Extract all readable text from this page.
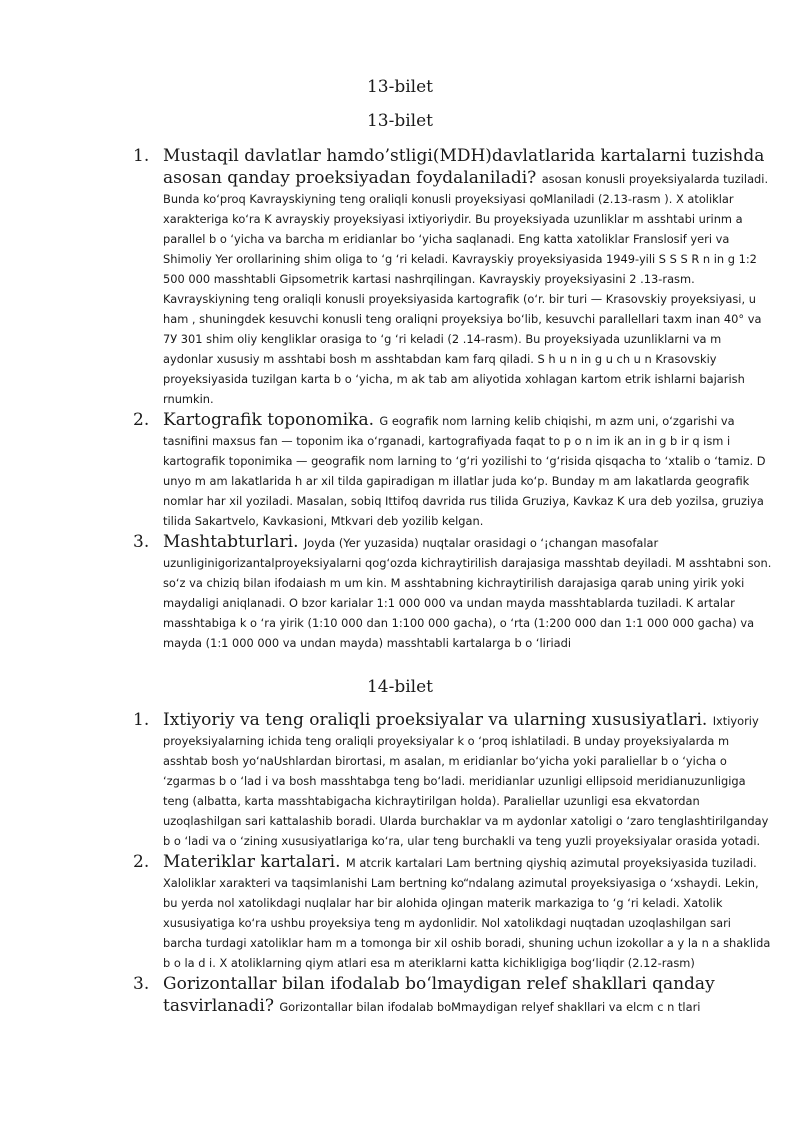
13-bilet
13-bilet
1. Mustaqil davlatlar hamdo’stligi(MDH)davlatlarida kartalarni tuzishda asosan qanday proeksiyadan foydalaniladi? asosan konusli proyeksiyalarda tuziladi. Bunda ko‘proq Kavrayskiyning teng oraliqli konusli proyeksiyasi qoMlaniladi (2.13-rasm ). X atoliklar xarakteriga ko‘ra K avrayskiy proyeksiyasi ixtiyoriydir. Bu proyeksiyada uzunliklar m asshtabi urinm a parallel b o ‘yicha va barcha m eridianlar bo ‘yicha saqlanadi. Eng katta xatoliklar Franslosif yeri va Shimoliy Yer orollarining shim oliga to ‘g ‘ri keladi. Kavrayskiy proyeksiyasida 1949-yili S S S R n in g 1:2 500 000 masshtabli Gipsometrik kartasi nashrqilingan. Kavrayskiy proyeksiyasini 2 .13-rasm. Kavrayskiyning teng oraliqli konusli proyeksiyasida kartografik (o‘r. bir turi — Krasovskiy proyeksiyasi, u ham , shuningdek kesuvchi konusli teng oraliqni proyeksiya bo‘lib, kesuvchi parallellari taxm inan 40° va 7У 301 shim oliy kengliklar orasiga to ‘g ‘ri keladi (2 .14-rasm). Bu proyeksiyada uzunliklarni va m aydonlar xususiy m asshtabi bosh m asshtabdan kam farq qiladi. S h u n in g u ch u n Krasovskiy proyeksiyasida tuzilgan karta b o ‘yicha, m ak tab am aliyotida xohlagan kartom etrik ishlarni bajarish rnumkin.
2. Kartografik toponomika. G eografik nom larning kelib chiqishi, m azm uni, o‘zgarishi va tasnifini maxsus fan — toponim ika o‘rganadi, kartografiyada faqat to p o n im ik an in g b ir q ism i kartografik toponimika — geografik nom larning to ‘g‘ri yozilishi to ‘g‘risida qisqacha to ‘xtalib o ‘tamiz. D unyo m am lakatlarida h ar xil tilda gapiradigan m illatlar juda ko‘p. Bunday m am lakatlarda geografik nomlar har xil yoziladi. Masalan, sobiq Ittifoq davrida rus tilida Gruziya, Kavkaz K ura deb yozilsa, gruziya tilida Sakartvelo, Kavkasioni, Mtkvari deb yozilib kelgan.
3. Mashtabturlari. Joyda (Yer yuzasida) nuqtalar orasidagi o ‘¡changan masofalar uzunliginigorizantalproyeksiyalarni qog‘ozda kichraytirilish darajasiga masshtab deyiladi. M asshtabni son. so‘z va chiziq bilan ifodaiash m um kin. M asshtabning kichraytirilish darajasiga qarab uning yirik yoki maydaligi aniqlanadi. O bzor karialar 1:1 000 000 va undan mayda masshtablarda tuziladi. K artalar masshtabiga k o ‘ra yirik (1:10 000 dan 1:100 000 gacha), o ‘rta (1:200 000 dan 1:1 000 000 gacha) va mayda (1:1 000 000 va undan mayda) masshtabli kartalarga b o ‘liriadi
14-bilet
1. Ixtiyoriy va teng oraliqli proeksiyalar va ularning xususiyatlari. Ixtiyoriy proyeksiyalarning ichida teng oraliqli proyeksiyalar k o ‘proq ishlatiladi. B unday proyeksiyalarda m asshtab bosh yo‘naUshlardan birortasi, m asalan, m eridianlar bo‘yicha yoki paraliellar b o ‘yicha o ‘zgarmas b o ‘lad i va bosh masshtabga teng bo‘ladi. meridianlar uzunligi ellipsoid meridianuzunligiga teng (albatta, karta masshtabigacha kichraytirilgan holda). Paraliellar uzunligi esa ekvatordan uzoqlashilgan sari kattalashib boradi. Ularda burchaklar va m aydonlar xatoligi o ‘zaro tenglashtirilganday b o ‘ladi va o ‘zining xususiyatlariga ko‘ra, ular teng burchakli va teng yuzli proyeksiyalar orasida yotadi.
2. Materiklar kartalari. M atcrik kartalari Lam bertning qiyshiq azimutal proyeksiyasida tuziladi. Xaloliklar xarakteri va taqsimlanishi Lam bertning ko“ndalang azimutal proyeksiyasiga o ‘xshaydi. Lekin, bu yerda nol xatolikdagi nuqlalar har bir alohida oJingan materik markaziga to ‘g ‘ri keladi. Xatolik xususiyatiga ko‘ra ushbu proyeksiya teng m aydonlidir. Nol xatolikdagi nuqtadan uzoqlashilgan sari barcha turdagi xatoliklar ham m a tomonga bir xil oshib boradi, shuning uchun izokollar a y la n a shaklida b o la d i. X atoliklarning qiym atlari esa m ateriklarni katta kichikligiga bog‘liqdir (2.12-rasm)
3. Gorizontallar bilan ifodalab bo‘lmaydigan relef shakllari qanday tasvirlanadi? Gorizontallar bilan ifodalab boMmaydigan relyef shakllari va elcm c n tlari
